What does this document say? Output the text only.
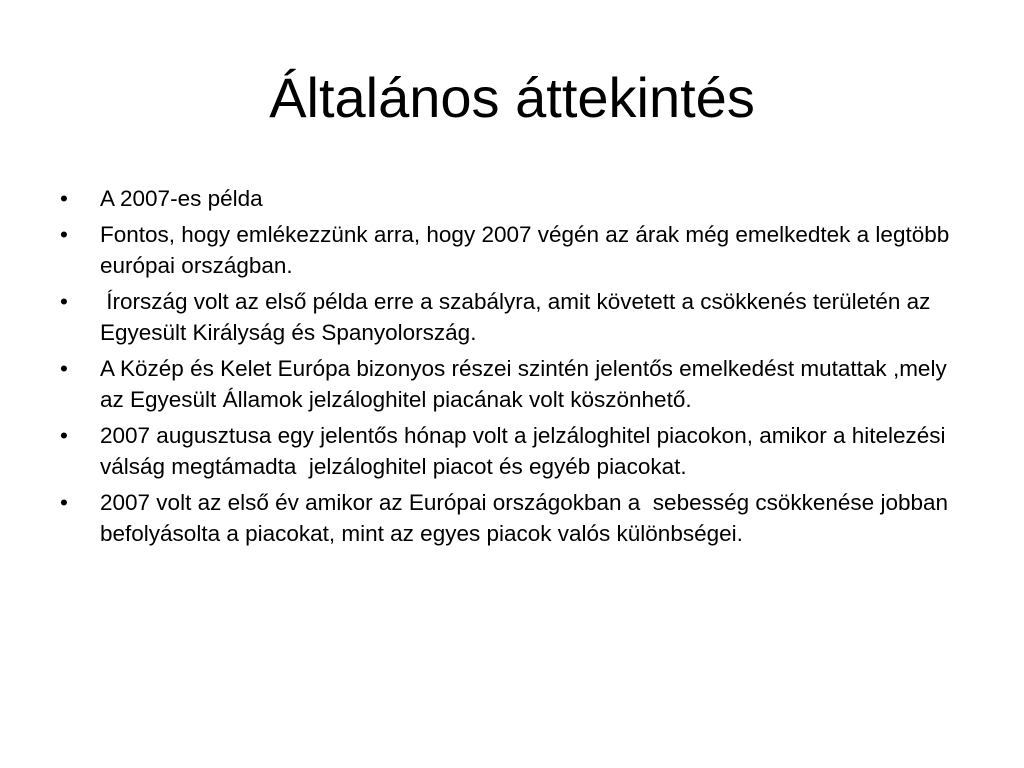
Általános áttekintés
•	A 2007-es példa
•	Fontos, hogy emlékezzünk arra, hogy 2007 végén az árak még emelkedtek a legtöbb európai országban.
•	Írország volt az első példa erre a szabályra, amit követett a csökkenés területén az Egyesült Királyság és Spanyolország.
•	A Közép és Kelet Európa bizonyos részei szintén jelentős emelkedést mutattak ,mely az Egyesült Államok jelzáloghitel piacának volt köszönhető.
•	2007 augusztusa egy jelentős hónap volt a jelzáloghitel piacokon, amikor a hitelezési válság megtámadta  jelzáloghitel piacot és egyéb piacokat.
•	2007 volt az első év amikor az Európai országokban a  sebesség csökkenése jobban befolyásolta a piacokat, mint az egyes piacok valós különbségei.
